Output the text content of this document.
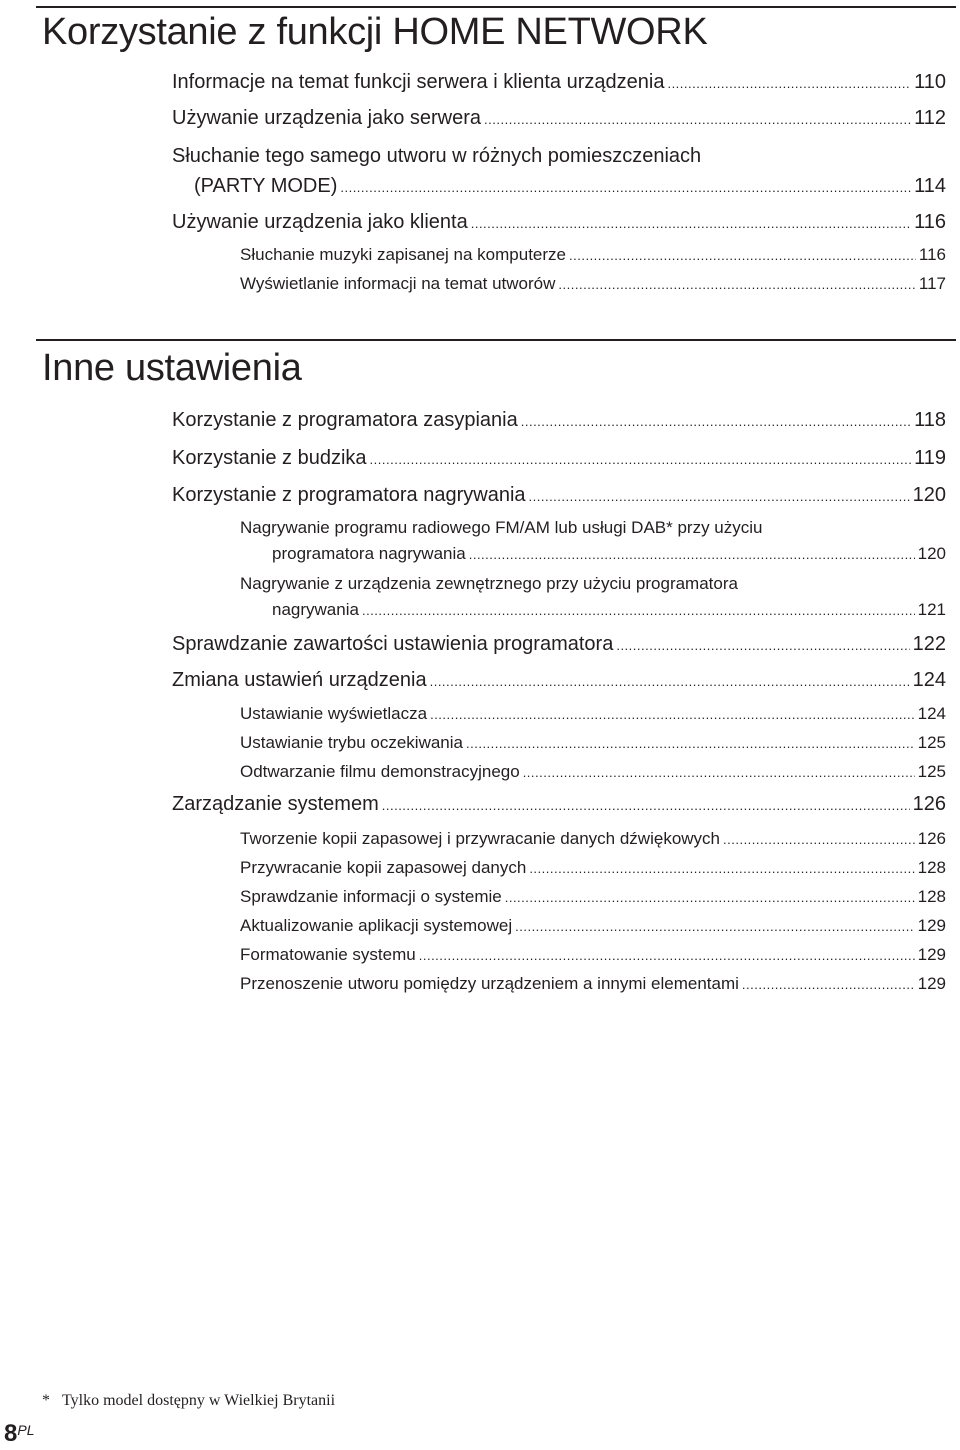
Korzystanie z funkcji HOME NETWORK
Informacje na temat funkcji serwera i klienta urządzenia .....	110
Używanie urządzenia jako serwera .....	112
Słuchanie tego samego utworu w różnych pomieszczeniach
(PARTY MODE) .....	114
Używanie urządzenia jako klienta .....	116
Słuchanie muzyki zapisanej na komputerze .....	116
Wyświetlanie informacji na temat utworów .....	117
Inne ustawienia
Korzystanie z programatora zasypiania .....	118
Korzystanie z budzika .....	119
Korzystanie z programatora nagrywania .....	120
Nagrywanie programu radiowego FM/AM lub usługi DAB* przy użyciu
programatora nagrywania .....	120
Nagrywanie z urządzenia zewnętrznego przy użyciu programatora
nagrywania .....	121
Sprawdzanie zawartości ustawienia programatora .....	122
Zmiana ustawień urządzenia .....	124
Ustawianie wyświetlacza .....	124
Ustawianie trybu oczekiwania .....	125
Odtwarzanie filmu demonstracyjnego .....	125
Zarządzanie systemem .....	126
Tworzenie kopii zapasowej i przywracanie danych dźwiękowych .....	126
Przywracanie kopii zapasowej danych .....	128
Sprawdzanie informacji o systemie .....	128
Aktualizowanie aplikacji systemowej .....	129
Formatowanie systemu .....	129
Przenoszenie utworu pomiędzy urządzeniem a innymi elementami .....	129
* Tylko model dostępny w Wielkiej Brytanii
8PL
